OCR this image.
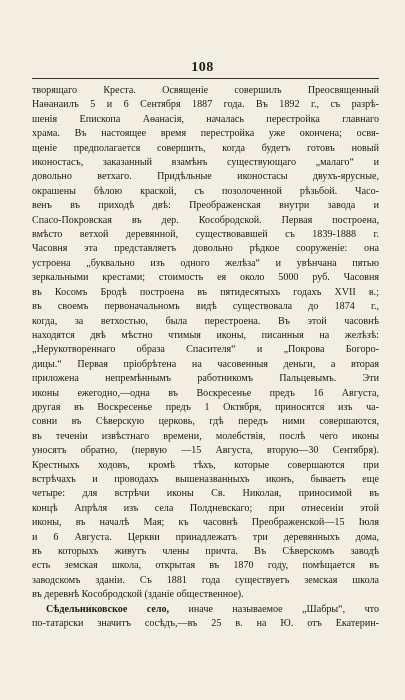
108
творящаго Креста. Освященіе совершилъ Преосвященный
Наѳанаилъ 5 и 6 Сентября 1887 года. Въ 1892 г., съ разрѣ-
шенія Епископа Аѳанасія, началась перестройка главнаго
храма. Въ настоящее время перестройка уже окончена; освя-
щеніе предполагается совершить, когда будетъ готовъ новый
иконостасъ, заказанный взамѣнъ существующаго „малаго“ и
довольно ветхаго. Придѣльные иконостасы двухъ-ярусные,
окрашены бѣлою краской, съ позолоченной рѣзьбой. Часо-
венъ въ приходѣ двѣ: Преображенская внутри завода и
Спасо-Покровская въ дер. Кособродской. Первая построена,
вмѣсто ветхой деревянной, существовавшей съ 1839-1888 г.
Часовня эта представляетъ довольно рѣдкое сооруженіе: она
устроена „буквально изъ одного желѣза“ и увѣнчана пятью
зеркальными крестами; стоимость ея около 5000 руб. Часовня
въ Косомъ Бродѣ построена въ пятидесятыхъ годахъ XVII в.;
въ своемъ первоначальномъ видѣ существовала до 1874 г.,
когда, за ветхостью, была перестроена. Въ этой часовнѣ
находятся двѣ мѣстно чтимыя иконы, писанныя на желѣзѣ:
„Нерукотвореннаго образа Спасителя“ и „Покрова Богоро-
дицы.“ Первая пріобрѣтена на часовенныя деньги, а вторая
приложена непремѣннымъ работникомъ Пальцевымъ. Эти
иконы ежегодно,—одна въ Воскресенье предъ 16 Августа,
другая въ Воскресенье предъ 1 Октября, приносятся изъ ча-
совни въ Сѣверскую церковь, гдѣ передъ ними совершаются,
въ теченіи извѣстнаго времени, молебствія, послѣ чего иконы
уносятъ обратно, (первую —15 Августа, вторую—30 Сентября).
Крестныхъ ходовъ, кромѣ тѣхъ, которые совершаются при
встрѣчахъ и проводахъ вышеназванныхъ иконъ, бываетъ еще
четыре: для встрѣчи иконы Св. Николая, приносимой въ
концѣ Апрѣля изъ села Полдневскаго; при отнесеніи этой
иконы, въ началѣ Мая; къ часовнѣ Преображенской—15 Іюля
и 6 Августа. Церкви принадлежатъ три деревянныхъ дома,
въ которыхъ живутъ члены причта. Въ Сѣверскомъ заводѣ
есть земская школа, открытая въ 1870 году, помѣщается въ
заводскомъ зданіи. Съ 1881 года существуетъ земская школа
въ деревнѣ Кособродской (зданіе общественное).
Сѣдельниковское село, иначе называемое „Шабры“, что
по-татарски значитъ сосѣдъ,—въ 25 в. на Ю. отъ Екатерин-
